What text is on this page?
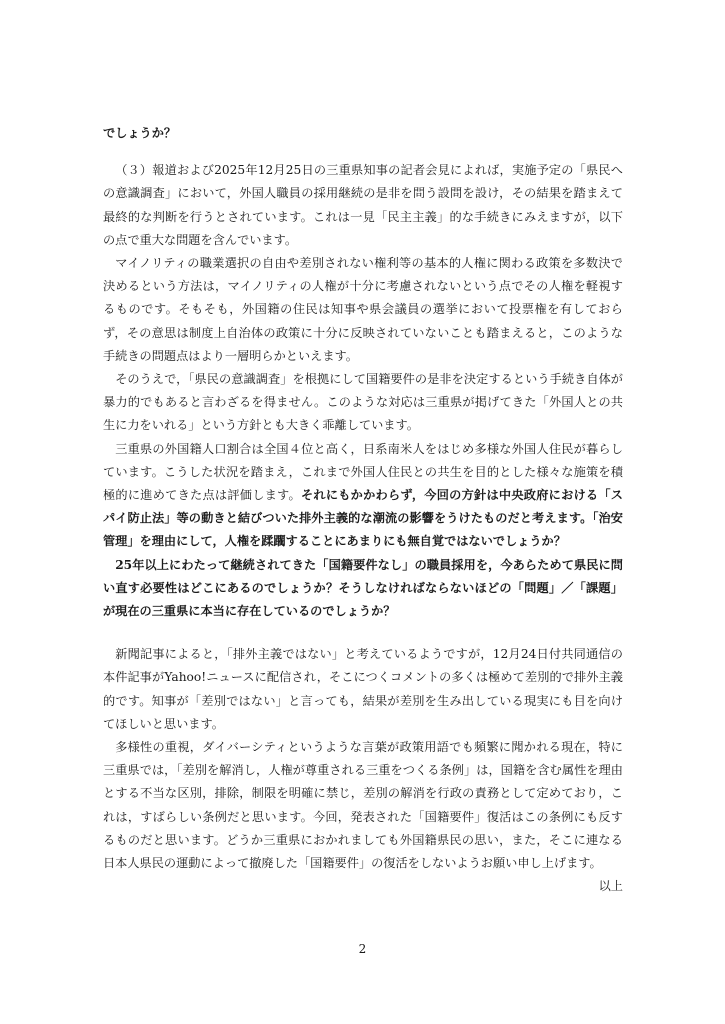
でしょうか？

（３）報道および2025年12月25日の三重県知事の記者会見によれば，実施予定の「県民への意識調査」において，外国人職員の採用継続の是非を問う設問を設け，その結果を踏まえて最終的な判断を行うとされています。これは一見「民主主義」的な手続きにみえますが，以下の点で重大な問題を含んでいます。

マイノリティの職業選択の自由や差別されない権利等の基本的人権に関わる政策を多数決で決めるという方法は，マイノリティの人権が十分に考慮されないという点でその人権を軽視するものです。そもそも，外国籍の住民は知事や県会議員の選挙において投票権を有しておらず，その意思は制度上自治体の政策に十分に反映されていないことも踏まえると，このような手続きの問題点はより一層明らかといえます。

そのうえで，「県民の意識調査」を根拠にして国籍要件の是非を決定するという手続き自体が暴力的でもあると言わざるを得ません。このような対応は三重県が掲げてきた「外国人との共生に力をいれる」という方針とも大きく乖離しています。

三重県の外国籍人口割合は全国４位と高く，日系南米人をはじめ多様な外国人住民が暮らしています。こうした状況を踏まえ，これまで外国人住民との共生を目的とした様々な施策を積極的に進めてきた点は評価します。それにもかかわらず，今回の方針は中央政府における「スパイ防止法」等の動きと結びついた排外主義的な潮流の影響をうけたものだと考えます。「治安管理」を理由にして，人権を蹂躙することにあまりにも無自覚ではないでしょうか？

25年以上にわたって継続されてきた「国籍要件なし」の職員採用を，今あらためて県民に問い直す必要性はどこにあるのでしょうか？そうしなければならないほどの「問題」／「課題」が現在の三重県に本当に存在しているのでしょうか？

新聞記事によると，「排外主義ではない」と考えているようですが，12月24日付共同通信の本件記事がYahoo!ニュースに配信され，そこにつくコメントの多くは極めて差別的で排外主義的です。知事が「差別ではない」と言っても，結果が差別を生み出している現実にも目を向けてほしいと思います。

多様性の重視，ダイバーシティというような言葉が政策用語でも頻繁に聞かれる現在，特に三重県では，「差別を解消し，人権が尊重される三重をつくる条例」は，国籍を含む属性を理由とする不当な区別，排除，制限を明確に禁じ，差別の解消を行政の責務として定めており，これは，すばらしい条例だと思います。今回，発表された「国籍要件」復活はこの条例にも反するものだと思います。どうか三重県におかれましても外国籍県民の思い，また，そこに連なる日本人県民の運動によって撤廃した「国籍要件」の復活をしないようお願い申し上げます。

以上

2
